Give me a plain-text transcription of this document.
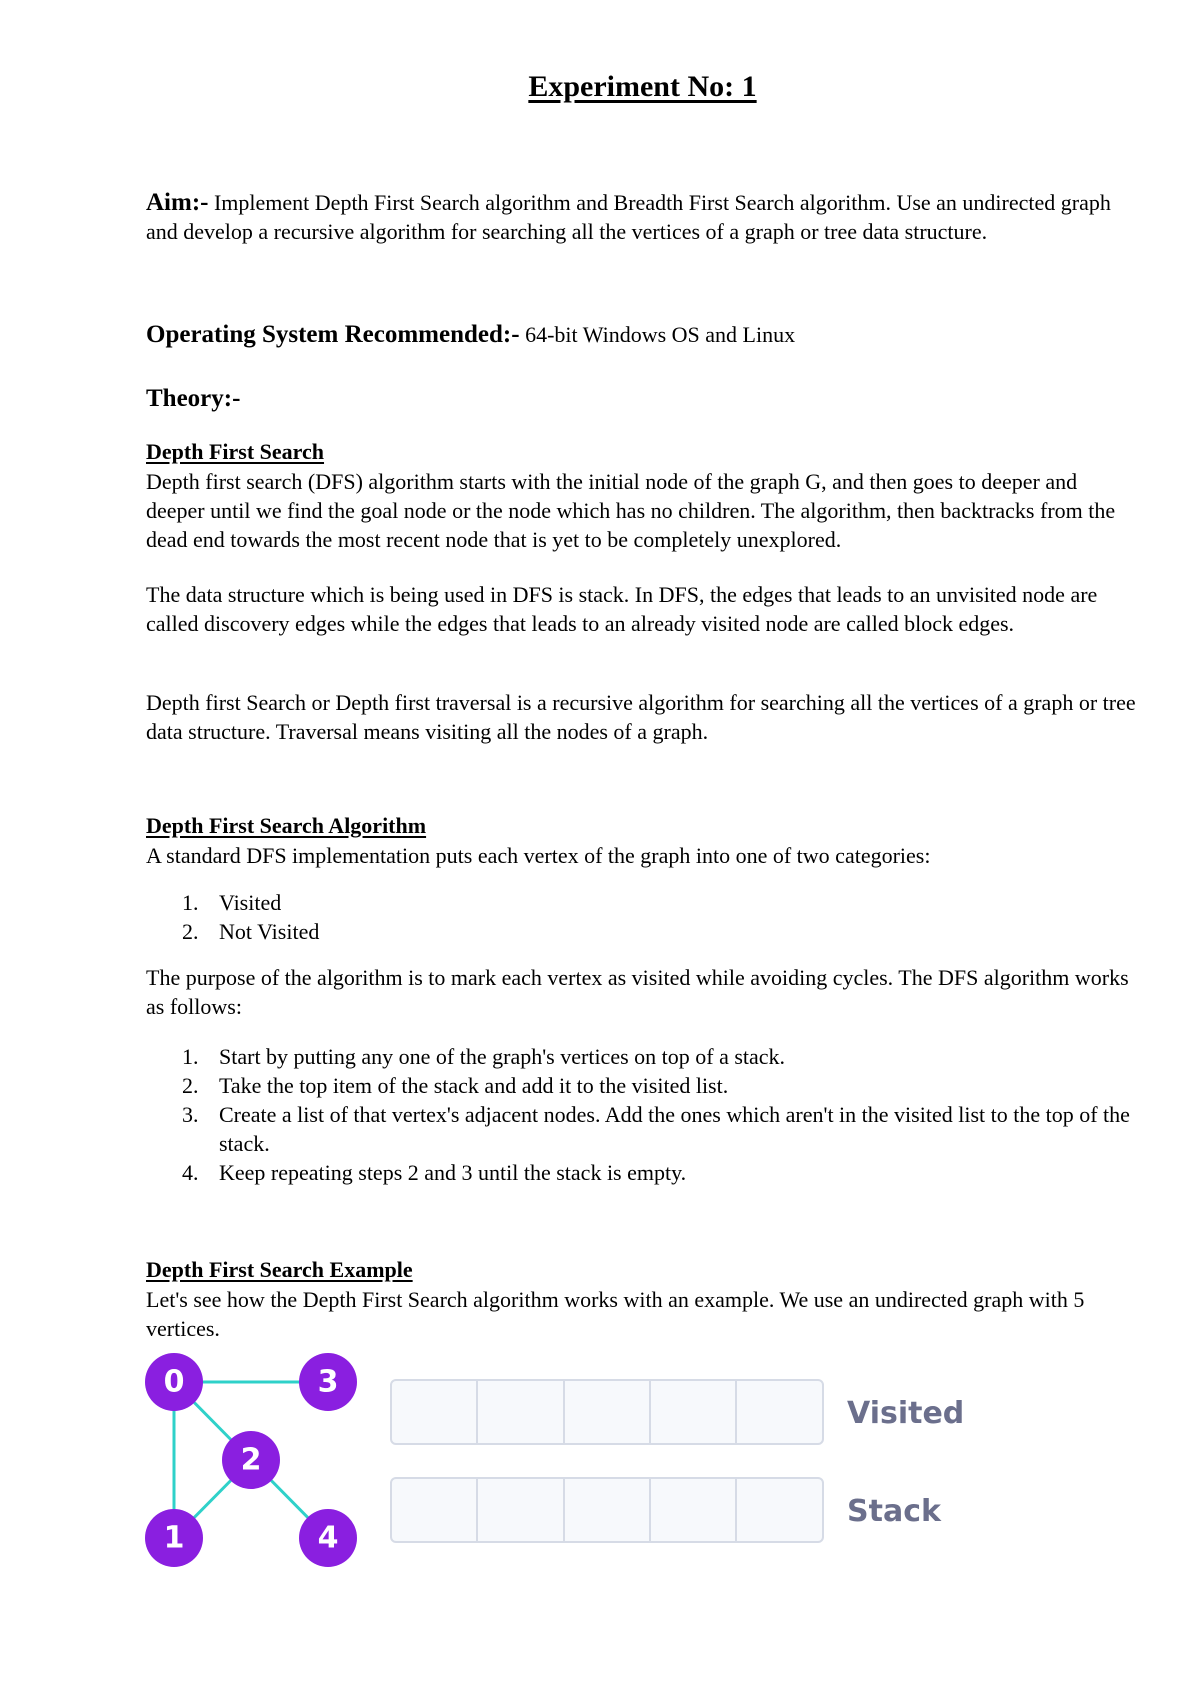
Experiment No: 1

Aim:- Implement Depth First Search algorithm and Breadth First Search algorithm. Use an undirected graph and develop a recursive algorithm for searching all the vertices of a graph or tree data structure.

Operating System Recommended:- 64-bit Windows OS and Linux

Theory:-

Depth First Search

Depth first search (DFS) algorithm starts with the initial node of the graph G, and then goes to deeper and deeper until we find the goal node or the node which has no children. The algorithm, then backtracks from the dead end towards the most recent node that is yet to be completely unexplored.

The data structure which is being used in DFS is stack. In DFS, the edges that leads to an unvisited node are called discovery edges while the edges that leads to an already visited node are called block edges.

Depth first Search or Depth first traversal is a recursive algorithm for searching all the vertices of a graph or tree data structure. Traversal means visiting all the nodes of a graph.

Depth First Search Algorithm

A standard DFS implementation puts each vertex of the graph into one of two categories:

1. Visited
2. Not Visited

The purpose of the algorithm is to mark each vertex as visited while avoiding cycles. The DFS algorithm works as follows:

1. Start by putting any one of the graph's vertices on top of a stack.
2. Take the top item of the stack and add it to the visited list.
3. Create a list of that vertex's adjacent nodes. Add the ones which aren't in the visited list to the top of the stack.
4. Keep repeating steps 2 and 3 until the stack is empty.

Depth First Search Example

Let's see how the Depth First Search algorithm works with an example. We use an undirected graph with 5 vertices.

0	3
2
1	4
Visited
Stack
